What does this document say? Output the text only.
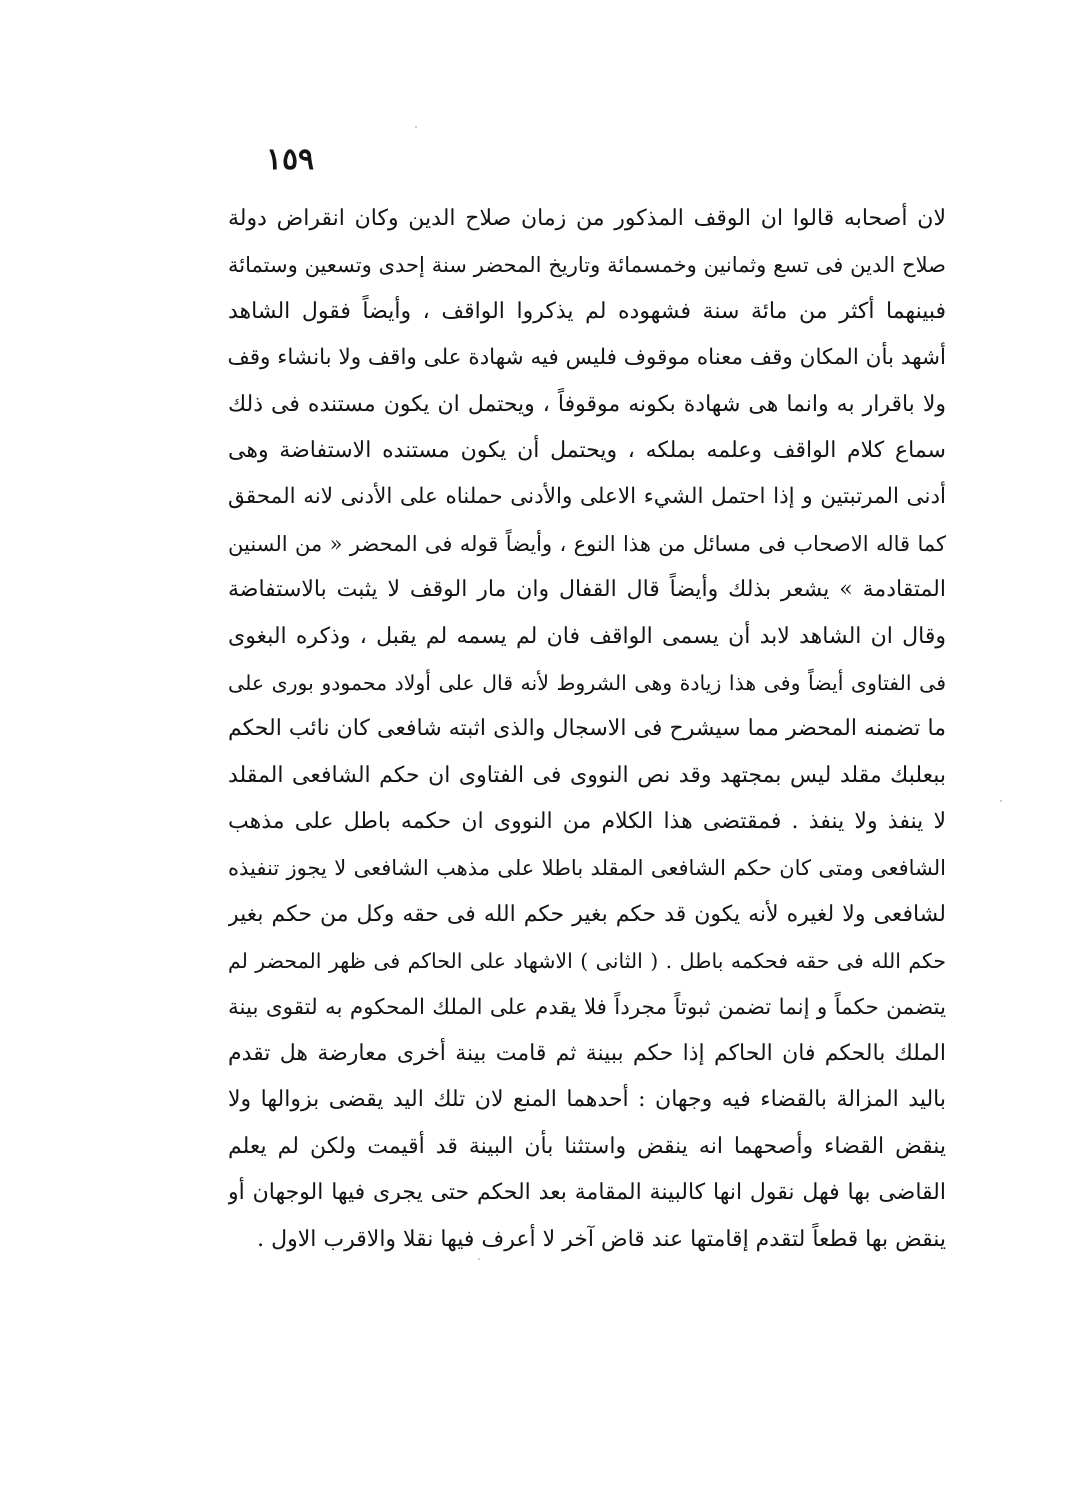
١٥٩
لان أصحابه قالوا ان الوقف المذكور من زمان صلاح الدين وكان انقراض دولة
صلاح الدين فى تسع وثمانين وخمسمائة وتاريخ المحضر سنة إحدى وتسعين وستمائة
فبينهما أكثر من مائة سنة فشهوده لم يذكروا الواقف ، وأيضاً فقول الشاهد
أشهد بأن المكان وقف معناه موقوف فليس فيه شهادة على واقف ولا بانشاء وقف
ولا باقرار به وانما هى شهادة بكونه موقوفاً ، ويحتمل ان يكون مستنده فى ذلك
سماع كلام الواقف وعلمه بملكه ، ويحتمل أن يكون مستنده الاستفاضة وهى
أدنى المرتبتين و إذا احتمل الشيء الاعلى والأدنى حملناه على الأدنى لانه المحقق
كما قاله الاصحاب فى مسائل من هذا النوع ، وأيضاً قوله فى المحضر « من السنين
المتقادمة » يشعر بذلك وأيضاً قال القفال وان مار الوقف لا يثبت بالاستفاضة
وقال ان الشاهد لابد أن يسمى الواقف فان لم يسمه لم يقبل ، وذكره البغوى
فى الفتاوى أيضاً وفى هذا زيادة وهى الشروط لأنه قال على أولاد محمودو بورى على
ما تضمنه المحضر مما سيشرح فى الاسجال والذى اثبته شافعى كان نائب الحكم
ببعلبك مقلد ليس بمجتهد وقد نص النووى فى الفتاوى ان حكم الشافعى المقلد
لا ينفذ ولا ينفذ . فمقتضى هذا الكلام من النووى ان حكمه باطل على مذهب
الشافعى ومتى كان حكم الشافعى المقلد باطلا على مذهب الشافعى لا يجوز تنفيذه
لشافعى ولا لغيره لأنه يكون قد حكم بغير حكم الله فى حقه وكل من حكم بغير
حكم الله فى حقه فحكمه باطل . ( الثانى ) الاشهاد على الحاكم فى ظهر المحضر لم
يتضمن حكماً و إنما تضمن ثبوتاً مجرداً فلا يقدم على الملك المحكوم به لتقوى بينة
الملك بالحكم فان الحاكم إذا حكم ببينة ثم قامت بينة أخرى معارضة هل تقدم
باليد المزالة بالقضاء فيه وجهان : أحدهما المنع لان تلك اليد يقضى بزوالها ولا
ينقض القضاء وأصحهما انه ينقض واستثنا بأن البينة قد أقيمت ولكن لم يعلم
القاضى بها فهل نقول انها كالبينة المقامة بعد الحكم حتى يجرى فيها الوجهان أو
ينقض بها قطعاً لتقدم إقامتها عند قاض آخر لا أعرف فيها نقلا والاقرب الاول .
